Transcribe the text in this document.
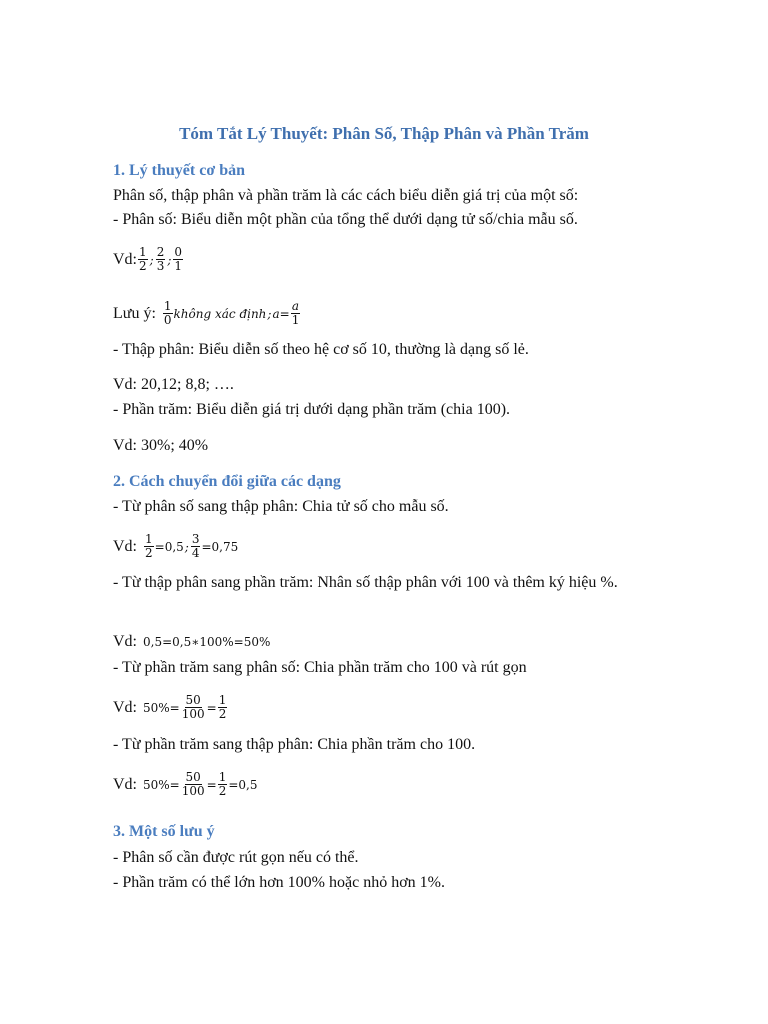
Tóm Tắt Lý Thuyết: Phân Số, Thập Phân và Phần Trăm
1. Lý thuyết cơ bản
Phân số, thập phân và phần trăm là các cách biểu diễn giá trị của một số:
- Phân số: Biểu diễn một phần của tổng thể dưới dạng tử số/chia mẫu số.
Vd: $\frac{1}{2}$ ; $\frac{2}{3}$ ; $\frac{0}{1}$
Lưu ý: $\frac{1}{0}$ không xác định ; $a= \frac{a}{1}$
- Thập phân: Biểu diễn số theo hệ cơ số 10, thường là dạng số lẻ.
Vd: 20,12; 8,8; ….
- Phần trăm: Biểu diễn giá trị dưới dạng phần trăm (chia 100).
Vd: 30%; 40%
2. Cách chuyển đổi giữa các dạng
- Từ phân số sang thập phân: Chia tử số cho mẫu số.
Vd: $\frac{1}{2} =0,5$ ; $\frac{3}{4} =0,75$
- Từ thập phân sang phần trăm: Nhân số thập phân với 100 và thêm ký hiệu %.
Vd: 0,5=0,5∗100%=50%
- Từ phần trăm sang phân số: Chia phần trăm cho 100 và rút gọn
Vd: $50\%= \frac{50}{100} = \frac{1}{2}$
- Từ phần trăm sang thập phân: Chia phần trăm cho 100.
Vd: $50\%= \frac{50}{100} = \frac{1}{2} =0,5$
3. Một số lưu ý
- Phân số cần được rút gọn nếu có thể.
- Phần trăm có thể lớn hơn 100% hoặc nhỏ hơn 1%.
